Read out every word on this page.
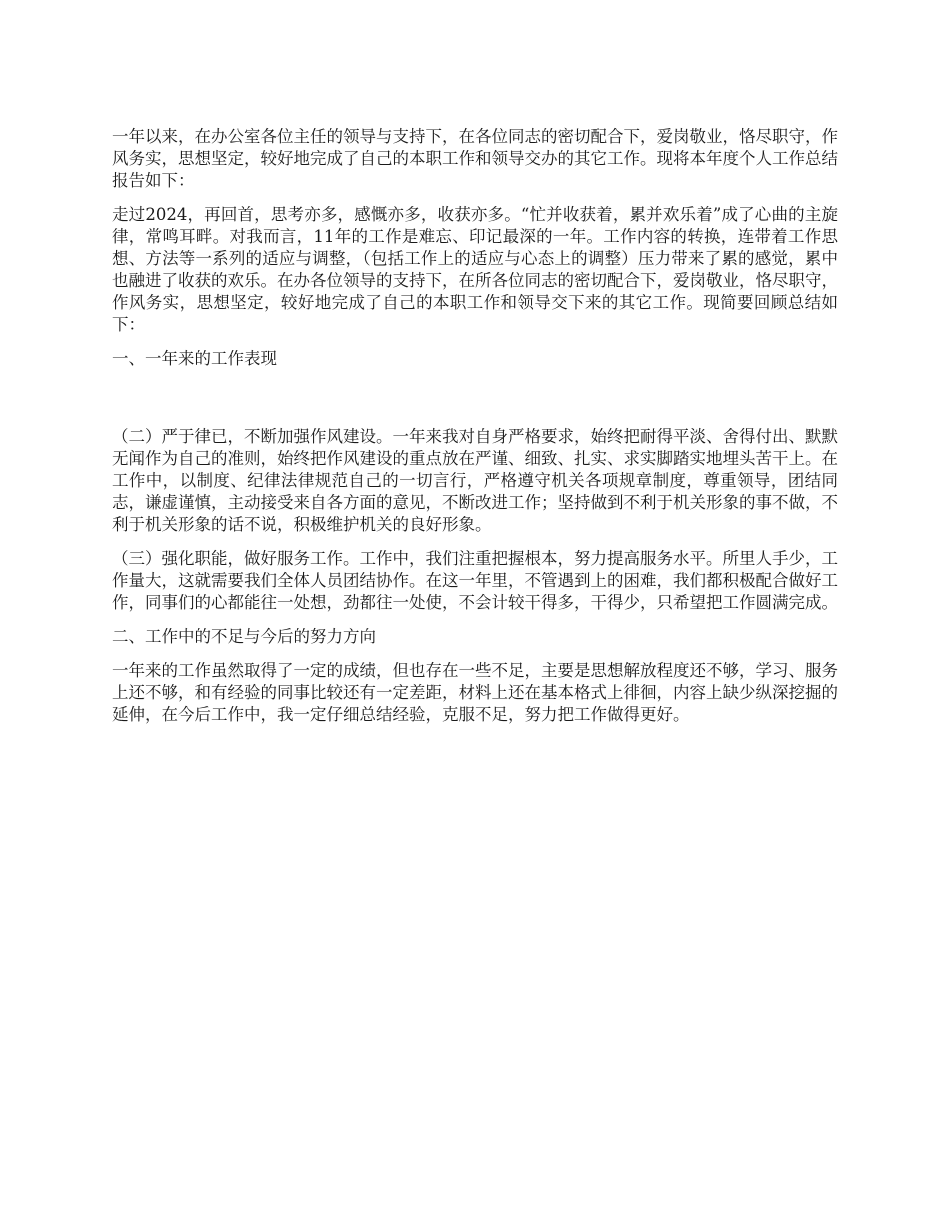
一年以来，在办公室各位主任的领导与支持下，在各位同志的密切配合下，爱岗敬业，恪尽职守，作风务实，思想坚定，较好地完成了自己的本职工作和领导交办的其它工作。现将本年度个人工作总结报告如下：

走过2024，再回首，思考亦多，感慨亦多，收获亦多。“忙并收获着，累并欢乐着”成了心曲的主旋律，常鸣耳畔。对我而言，11年的工作是难忘、印记最深的一年。工作内容的转换，连带着工作思想、方法等一系列的适应与调整，（包括工作上的适应与心态上的调整）压力带来了累的感觉，累中也融进了收获的欢乐。在办各位领导的支持下，在所各位同志的密切配合下，爱岗敬业，恪尽职守，作风务实，思想坚定，较好地完成了自己的本职工作和领导交下来的其它工作。现简要回顾总结如下：

一、一年来的工作表现

（二）严于律已，不断加强作风建设。一年来我对自身严格要求，始终把耐得平淡、舍得付出、默默无闻作为自己的准则，始终把作风建设的重点放在严谨、细致、扎实、求实脚踏实地埋头苦干上。在工作中，以制度、纪律法律规范自己的一切言行，严格遵守机关各项规章制度，尊重领导，团结同志，谦虚谨慎，主动接受来自各方面的意见，不断改进工作；坚持做到不利于机关形象的事不做，不利于机关形象的话不说，积极维护机关的良好形象。

（三）强化职能，做好服务工作。工作中，我们注重把握根本，努力提高服务水平。所里人手少，工作量大，这就需要我们全体人员团结协作。在这一年里，不管遇到上的困难，我们都积极配合做好工作，同事们的心都能往一处想，劲都往一处使，不会计较干得多，干得少，只希望把工作圆满完成。

二、工作中的不足与今后的努力方向

一年来的工作虽然取得了一定的成绩，但也存在一些不足，主要是思想解放程度还不够，学习、服务上还不够，和有经验的同事比较还有一定差距，材料上还在基本格式上徘徊，内容上缺少纵深挖掘的延伸，在今后工作中，我一定仔细总结经验，克服不足，努力把工作做得更好。
